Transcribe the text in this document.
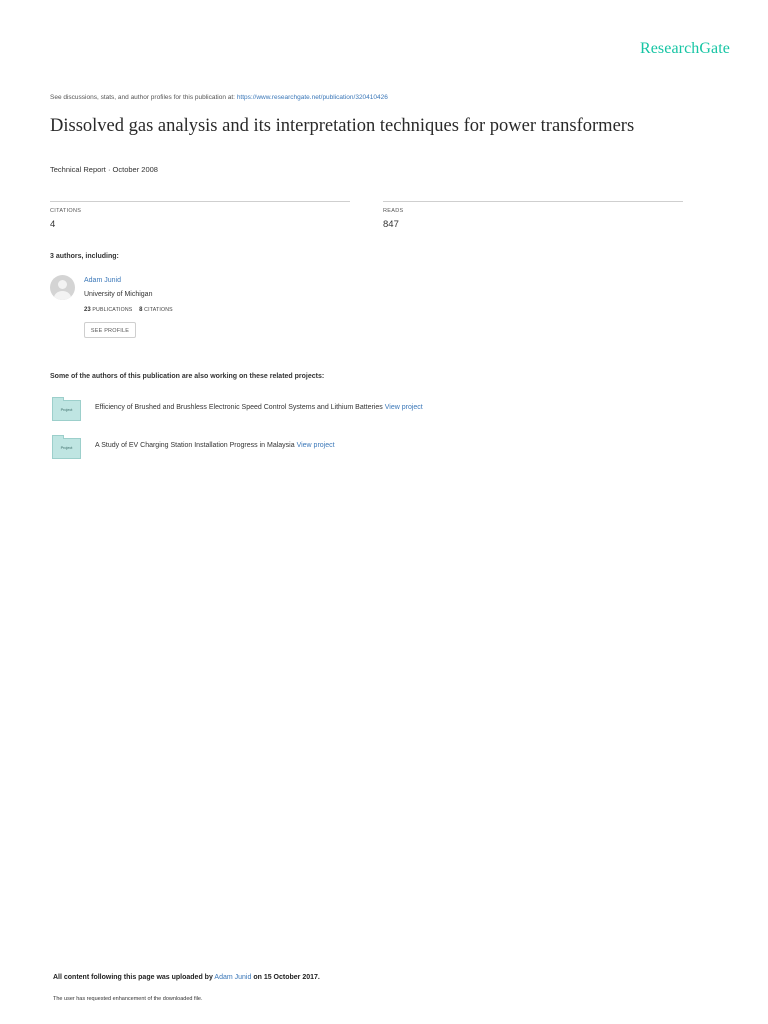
ResearchGate
See discussions, stats, and author profiles for this publication at: https://www.researchgate.net/publication/320410426
Dissolved gas analysis and its interpretation techniques for power transformers
Technical Report · October 2008
CITATIONS
4
READS
847
3 authors, including:
Adam Junid
University of Michigan
23 PUBLICATIONS 8 CITATIONS
SEE PROFILE
Some of the authors of this publication are also working on these related projects:
Project	Efficiency of Brushed and Brushless Electronic Speed Control Systems and Lithium Batteries View project
Project	A Study of EV Charging Station Installation Progress in Malaysia View project
All content following this page was uploaded by Adam Junid on 15 October 2017.
The user has requested enhancement of the downloaded file.
